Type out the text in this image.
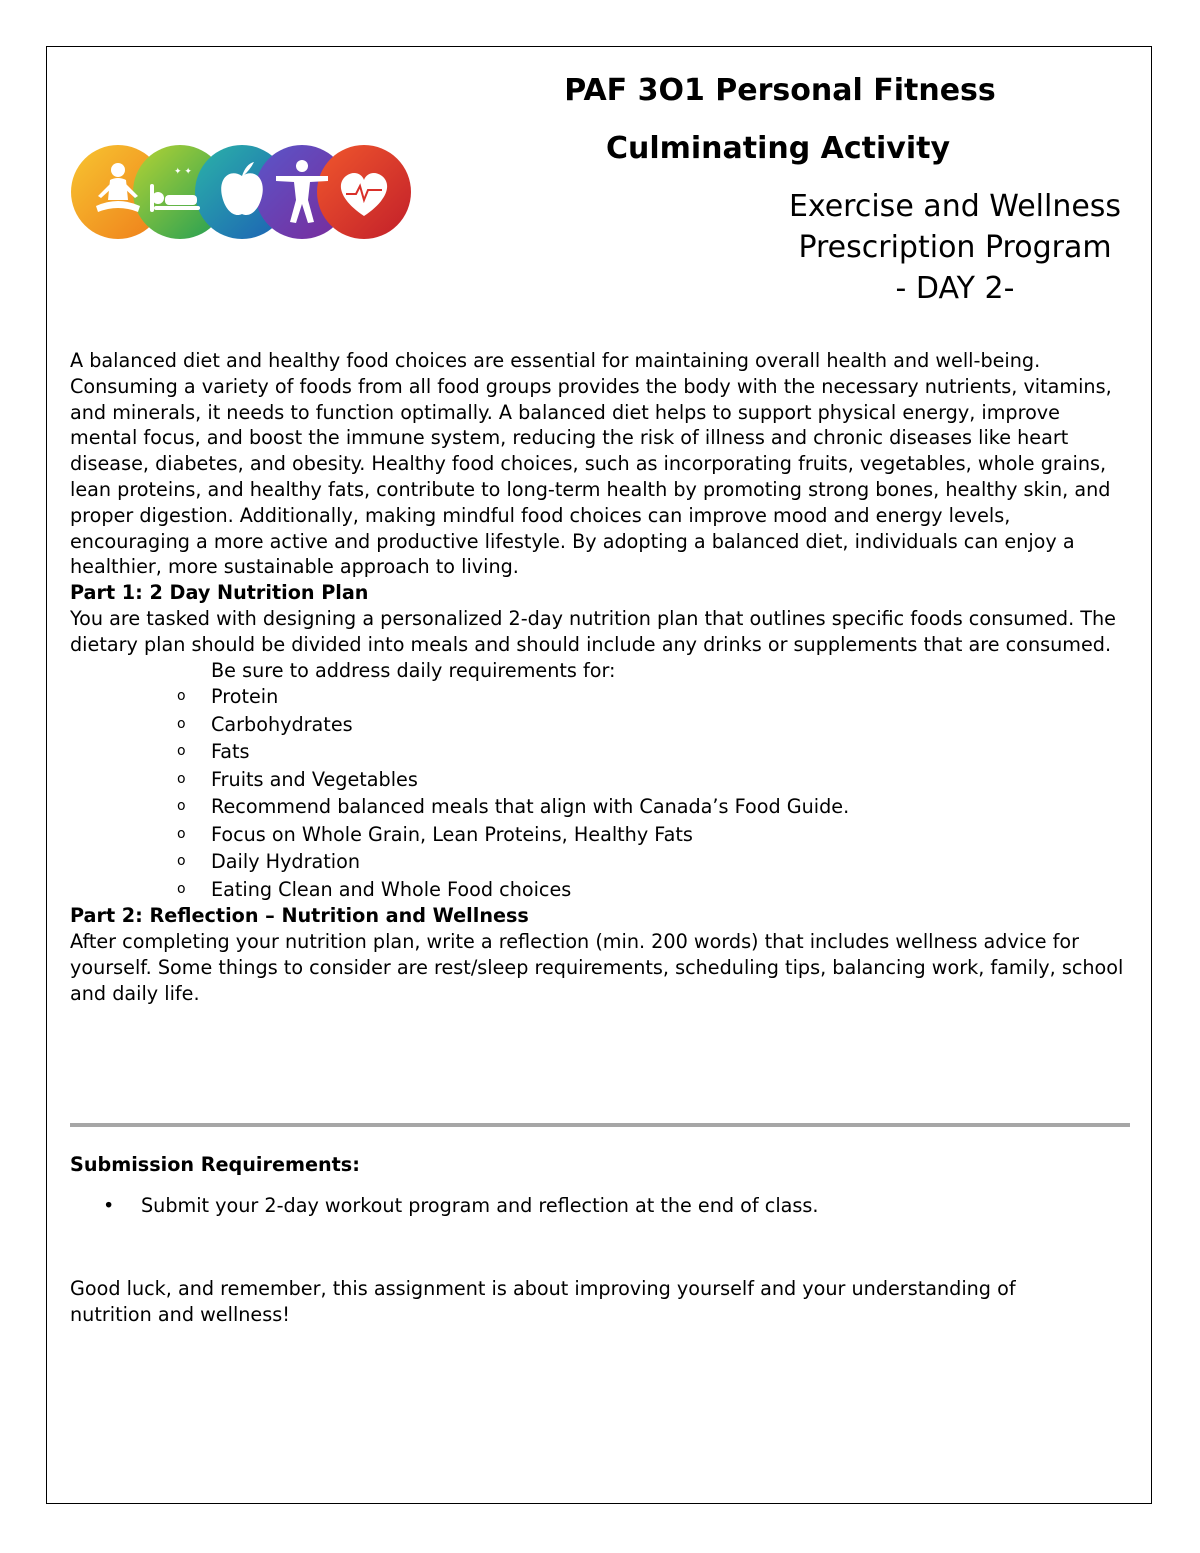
✦ ✦
PAF 3O1 Personal Fitness
Culminating Activity
Exercise and Wellness
Prescription Program
- DAY 2-

A balanced diet and healthy food choices are essential for maintaining overall health and well-being. Consuming a variety of foods from all food groups provides the body with the necessary nutrients, vitamins, and minerals, it needs to function optimally. A balanced diet helps to support physical energy, improve mental focus, and boost the immune system, reducing the risk of illness and chronic diseases like heart disease, diabetes, and obesity. Healthy food choices, such as incorporating fruits, vegetables, whole grains, lean proteins, and healthy fats, contribute to long-term health by promoting strong bones, healthy skin, and proper digestion. Additionally, making mindful food choices can improve mood and energy levels, encouraging a more active and productive lifestyle. By adopting a balanced diet, individuals can enjoy a healthier, more sustainable approach to living.

Part 1: 2 Day Nutrition Plan

You are tasked with designing a personalized 2-day nutrition plan that outlines specific foods consumed. The dietary plan should be divided into meals and should include any drinks or supplements that are consumed.

Be sure to address daily requirements for:

o Protein
o Carbohydrates
o Fats
o Fruits and Vegetables
o Recommend balanced meals that align with Canada’s Food Guide.
o Focus on Whole Grain, Lean Proteins, Healthy Fats
o Daily Hydration
o Eating Clean and Whole Food choices

Part 2: Reflection – Nutrition and Wellness

After completing your nutrition plan, write a reflection (min. 200 words) that includes wellness advice for yourself. Some things to consider are rest/sleep requirements, scheduling tips, balancing work, family, school and daily life.

Submission Requirements:

• Submit your 2-day workout program and reflection at the end of class.

Good luck, and remember, this assignment is about improving yourself and your understanding of nutrition and wellness!
